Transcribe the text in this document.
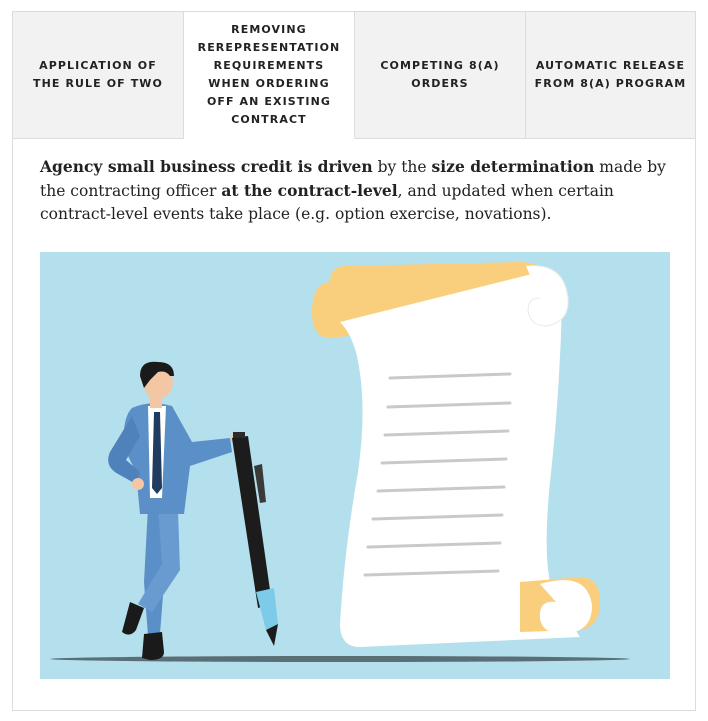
APPLICATION OF
THE RULE OF TWO
REMOVING
REREPRESENTATION
REQUIREMENTS
WHEN ORDERING
OFF AN EXISTING
CONTRACT
COMPETING 8(A)
ORDERS
AUTOMATIC RELEASE
FROM 8(A) PROGRAM

Agency small business credit is driven by the size determination made by the contracting officer at the contract-level, and updated when certain contract-level events take place (e.g. option exercise, novations).
